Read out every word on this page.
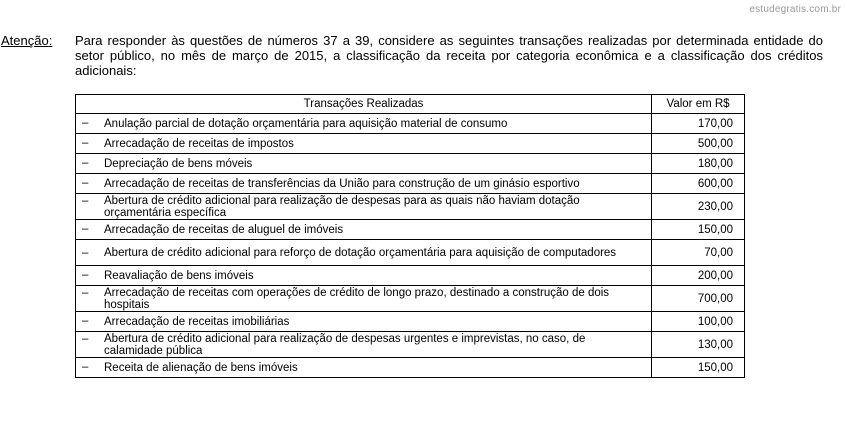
estudegratis.com.br
Atenção: Para responder às questões de números 37 a 39, considere as seguintes transações realizadas por determinada entidade do setor público, no mês de março de 2015, a classificação da receita por categoria econômica e a classificação dos créditos adicionais:

Transações Realizadas	Valor em R$
– Anulação parcial de dotação orçamentária para aquisição material de consumo	170,00
– Arrecadação de receitas de impostos	500,00
– Depreciação de bens móveis	180,00
– Arrecadação de receitas de transferências da União para construção de um ginásio esportivo	600,00
– Abertura de crédito adicional para realização de despesas para as quais não haviam dotação orçamentária específica	230,00
– Arrecadação de receitas de aluguel de imóveis	150,00
– Abertura de crédito adicional para reforço de dotação orçamentária para aquisição de computadores	70,00
– Reavaliação de bens imóveis	200,00
– Arrecadação de receitas com operações de crédito de longo prazo, destinado a construção de dois hospitais	700,00
– Arrecadação de receitas imobiliárias	100,00
– Abertura de crédito adicional para realização de despesas urgentes e imprevistas, no caso, de calamidade pública	130,00
– Receita de alienação de bens imóveis	150,00
